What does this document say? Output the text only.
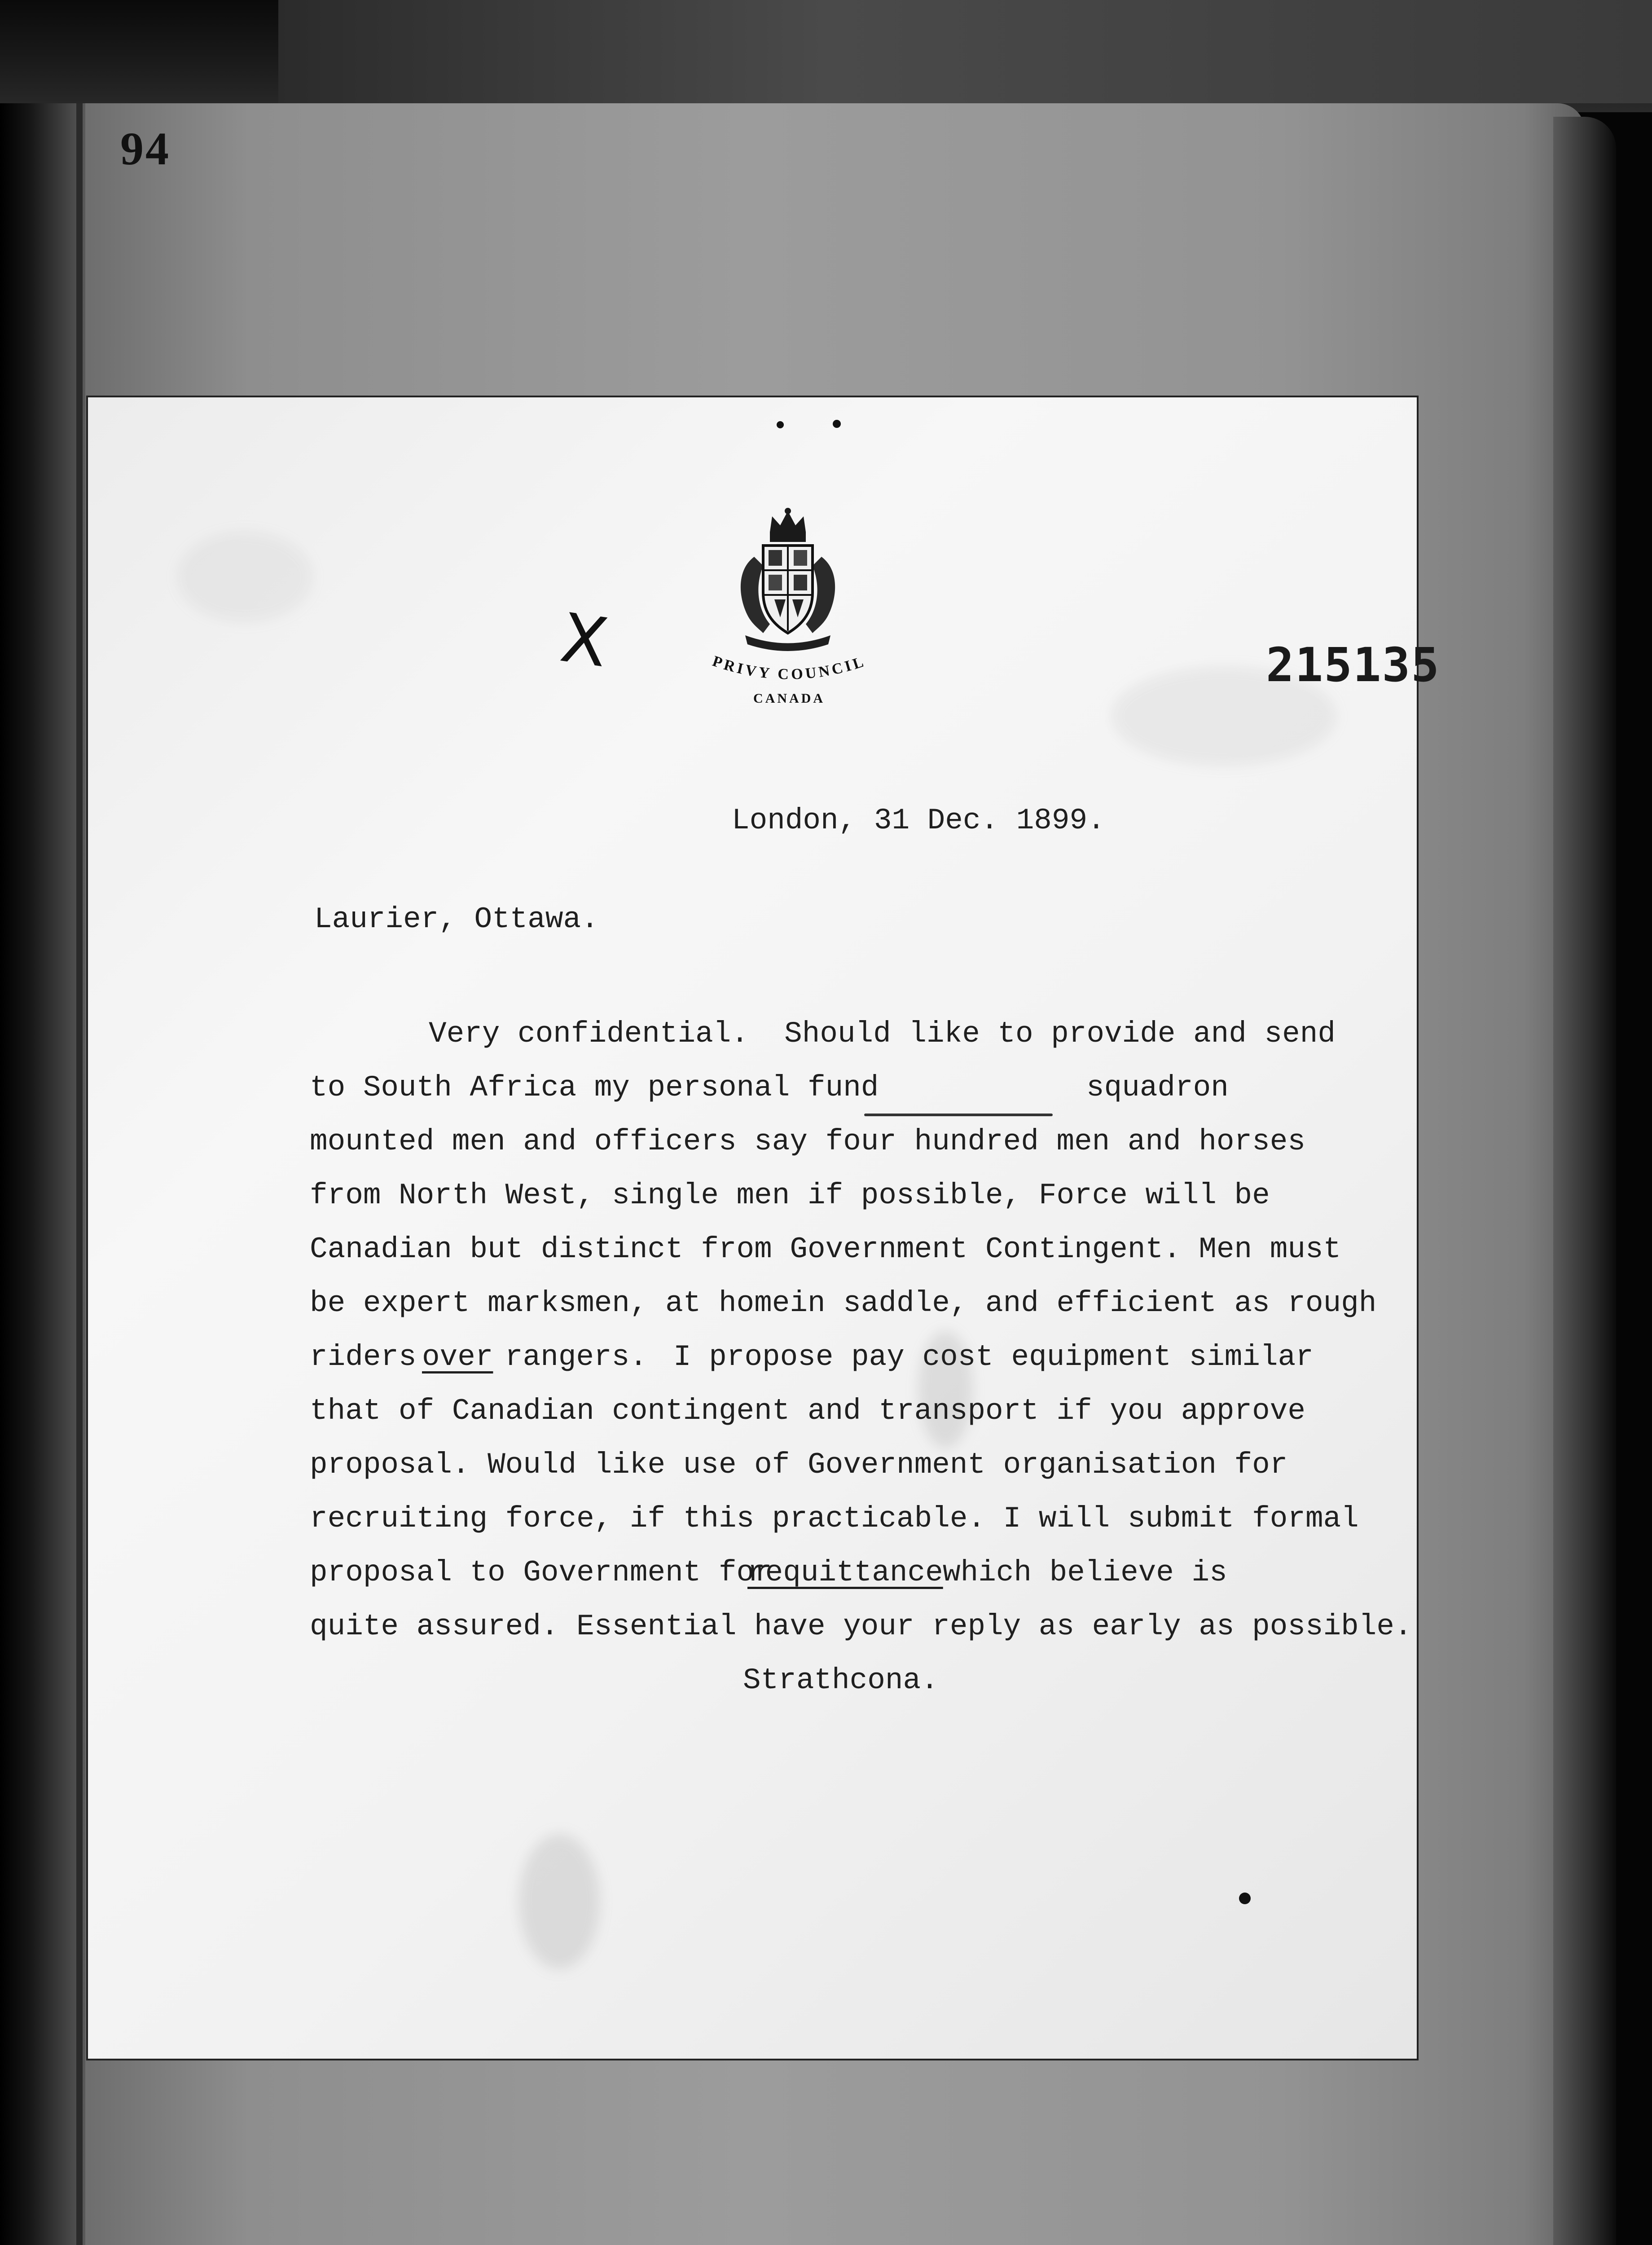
94
PRIVY COUNCIL
CANADA
X	215135
London, 31 Dec. 1899.
Laurier, Ottawa.
Very confidential.  Should like to provide and send
to South Africa my personal fund	squadron
mounted men and officers say four hundred men and horses
from North West, single men if possible, Force will be
Canadian but distinct from Government Contingent. Men must
be expert marksmen, at homein saddle, and efficient as rough
riders over rangers. I propose pay cost equipment similar
that of Canadian contingent and transport if you approve
proposal. Would like use of Government organisation for
recruiting force, if this practicable. I will submit formal
proposal to Government for
requittance which believe is
quite assured. Essential have your reply as early as possible.
Strathcona.
